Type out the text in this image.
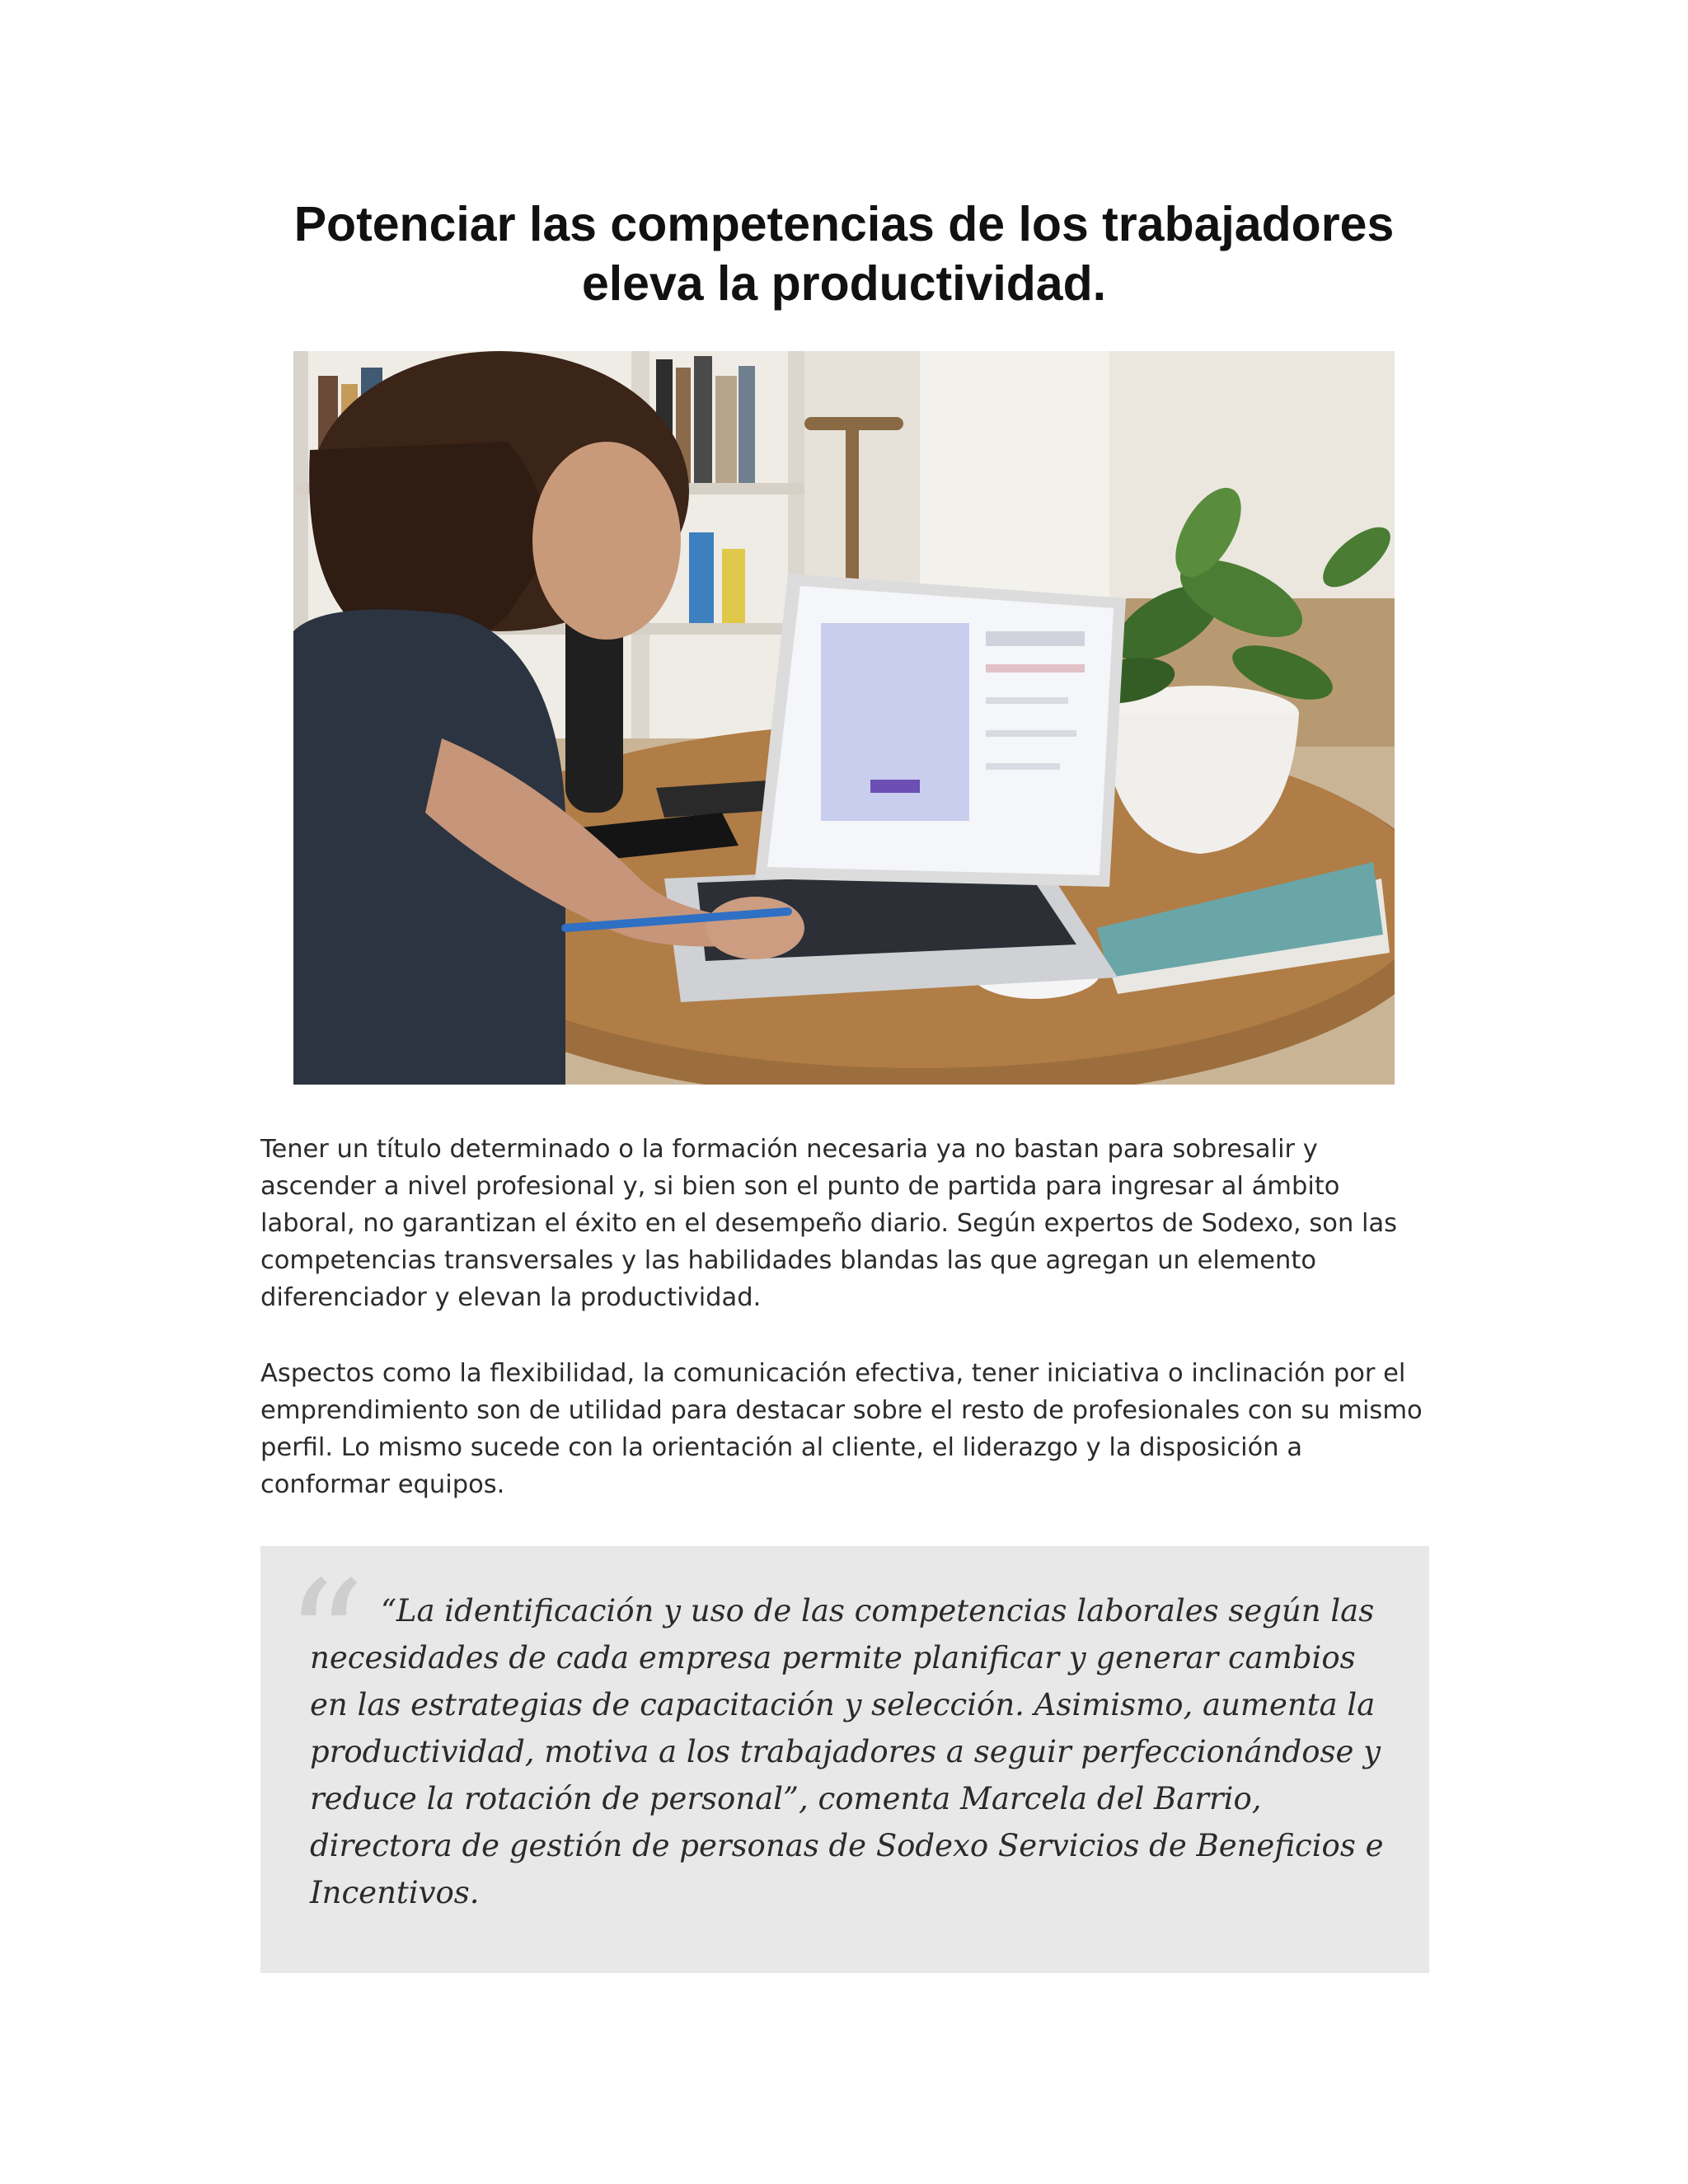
Potenciar las competencias de los trabajadores
eleva la productividad.

Tener un título determinado o la formación necesaria ya no bastan para sobresalir y ascender a nivel profesional y, si bien son el punto de partida para ingresar al ámbito laboral, no garantizan el éxito en el desempeño diario. Según expertos de Sodexo, son las competencias transversales y las habilidades blandas las que agregan un elemento diferenciador y elevan la productividad.

Aspectos como la flexibilidad, la comunicación efectiva, tener iniciativa o inclinación por el emprendimiento son de utilidad para destacar sobre el resto de profesionales con su mismo perfil. Lo mismo sucede con la orientación al cliente, el liderazgo y la disposición a conformar equipos.

“ “La identificación y uso de las competencias laborales según las necesidades de cada empresa permite planificar y generar cambios en las estrategias de capacitación y selección. Asimismo, aumenta la productividad, motiva a los trabajadores a seguir perfeccionándose y reduce la rotación de personal”, comenta Marcela del Barrio, directora de gestión de personas de Sodexo Servicios de Beneficios e Incentivos.
